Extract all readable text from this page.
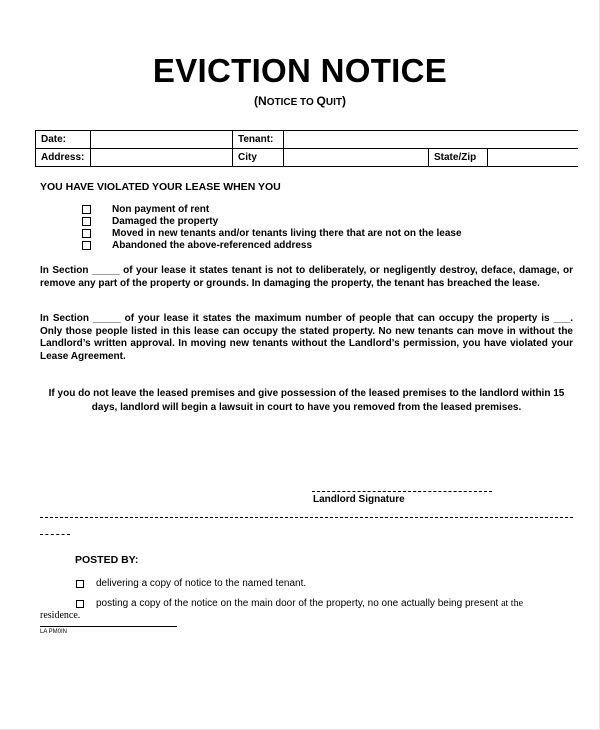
EVICTION NOTICE
(NOTICE TO QUIT)
Date:		Tenant:			
Address:		City		State/Zip	
YOU HAVE VIOLATED YOUR LEASE WHEN YOU
Non payment of rent
Damaged the property
Moved in new tenants and/or tenants living there that are not on the lease
Abandoned the above-referenced address
In Section _____ of your lease it states tenant is not to deliberately, or negligently destroy, deface, damage, or remove any part of the property or grounds. In damaging the property, the tenant has breached the lease.
In Section _____ of your lease it states the maximum number of people that can occupy the property is ___. Only those people listed in this lease can occupy the stated property. No new tenants can move in without the Landlord’s written approval. In moving new tenants without the Landlord’s permission, you have violated your Lease Agreement.
If you do not leave the leased premises and give possession of the leased premises to the landlord within 15 days, landlord will begin a lawsuit in court to have you removed from the leased premises.
Landlord Signature
POSTED BY:
delivering a copy of notice to the named tenant.
posting a copy of the notice on the main door of the property, no one actually being present at the
residence.
LA PM0IN
